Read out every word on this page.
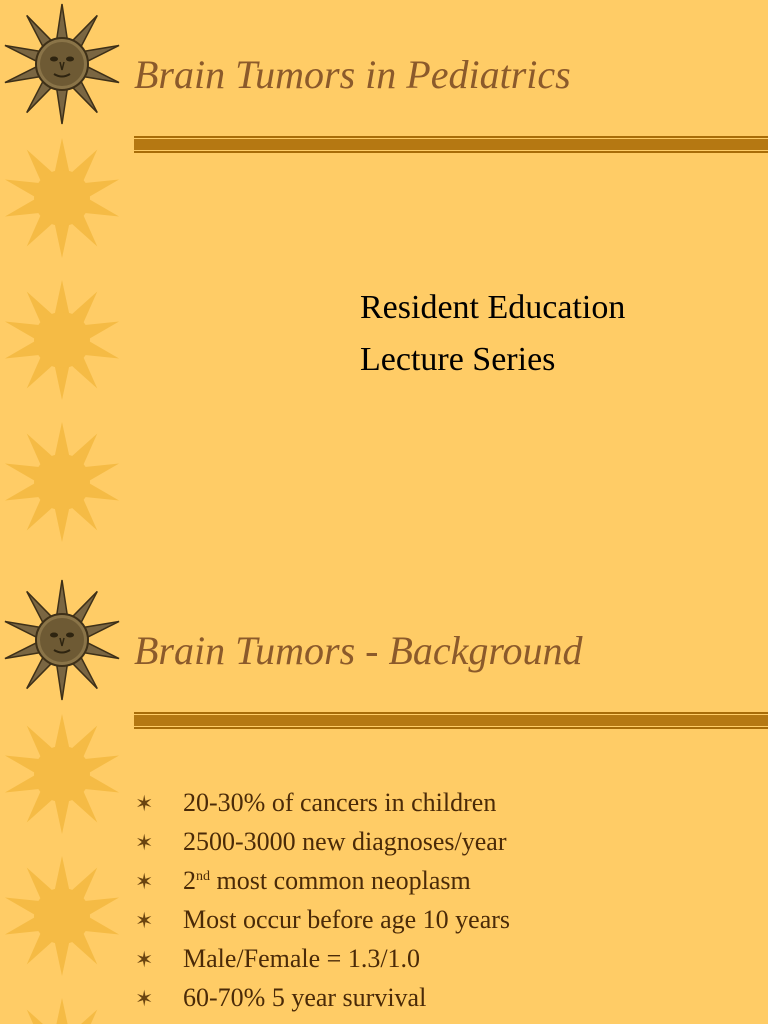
Brain Tumors in Pediatrics
Resident Education
Lecture Series
Brain Tumors - Background
✶ 20-30% of cancers in children
✶ 2500-3000 new diagnoses/year
✶ 2nd most common neoplasm
✶ Most occur before age 10 years
✶ Male/Female = 1.3/1.0
✶ 60-70% 5 year survival
